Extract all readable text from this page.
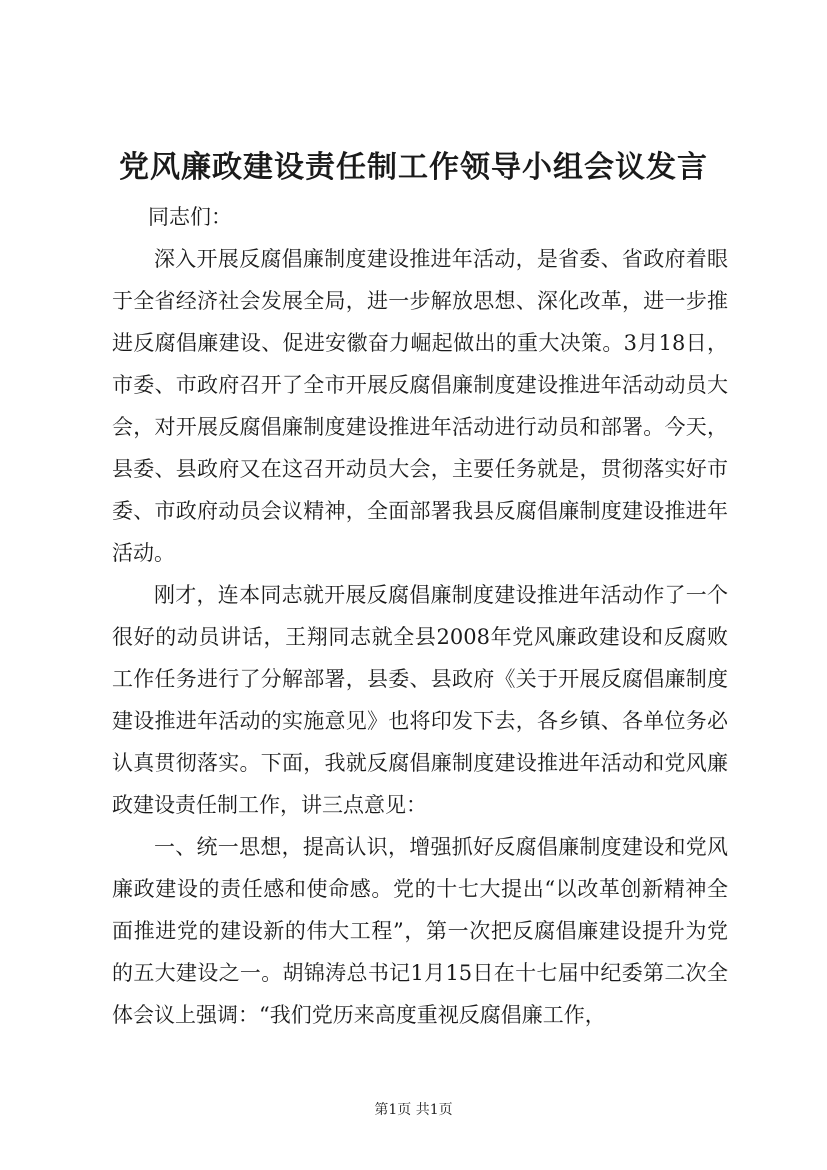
党风廉政建设责任制工作领导小组会议发言

同志们：

深入开展反腐倡廉制度建设推进年活动，是省委、省政府着眼于全省经济社会发展全局，进一步解放思想、深化改革，进一步推进反腐倡廉建设、促进安徽奋力崛起做出的重大决策。3月18日，市委、市政府召开了全市开展反腐倡廉制度建设推进年活动动员大会，对开展反腐倡廉制度建设推进年活动进行动员和部署。今天，县委、县政府又在这召开动员大会，主要任务就是，贯彻落实好市委、市政府动员会议精神，全面部署我县反腐倡廉制度建设推进年活动。

刚才，连本同志就开展反腐倡廉制度建设推进年活动作了一个很好的动员讲话，王翔同志就全县2008年党风廉政建设和反腐败工作任务进行了分解部署，县委、县政府《关于开展反腐倡廉制度建设推进年活动的实施意见》也将印发下去，各乡镇、各单位务必认真贯彻落实。下面，我就反腐倡廉制度建设推进年活动和党风廉政建设责任制工作，讲三点意见：

一、统一思想，提高认识，增强抓好反腐倡廉制度建设和党风廉政建设的责任感和使命感。党的十七大提出“以改革创新精神全面推进党的建设新的伟大工程”，第一次把反腐倡廉建设提升为党的五大建设之一。胡锦涛总书记1月15日在十七届中纪委第二次全体会议上强调：“我们党历来高度重视反腐倡廉工作，

第1页 共1页
